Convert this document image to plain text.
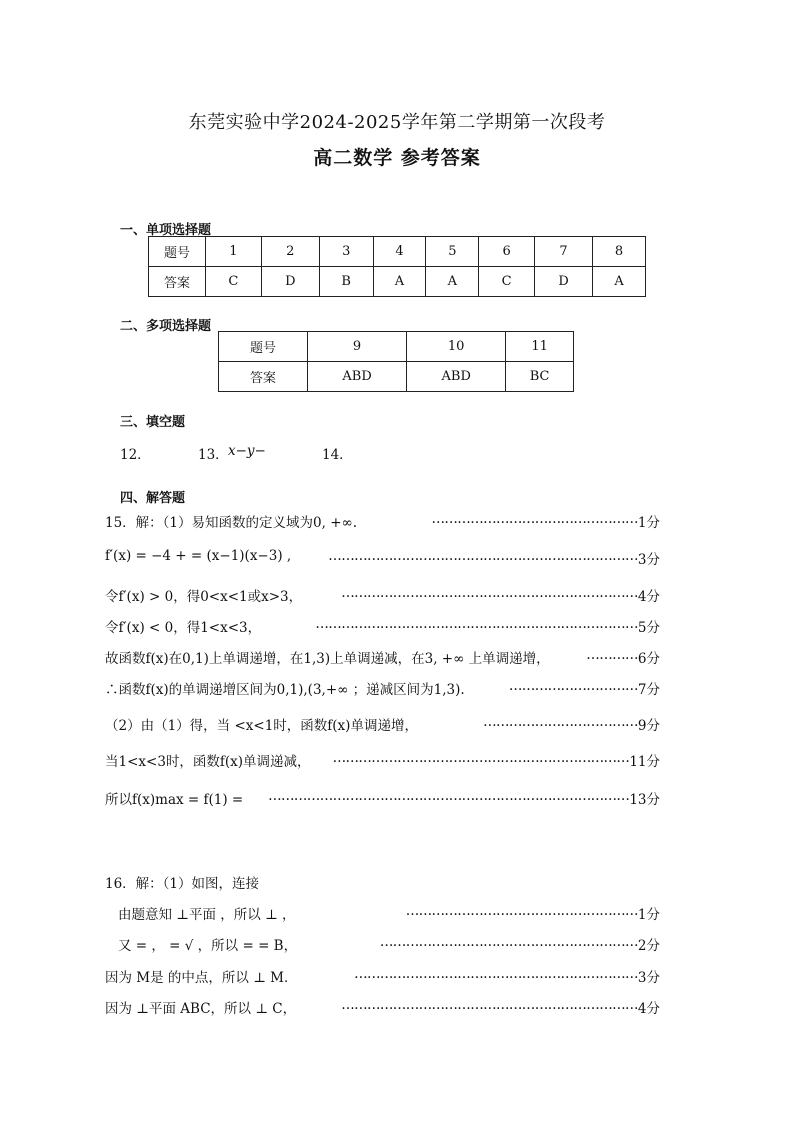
东莞实验中学2024-2025学年第二学期第一次段考
高二数学 参考答案
一、单项选择题
题号	1	2	3	4	5	6	7	8
答案	C	D	B	A	A	C	D	A
二、多项选择题
题号	9	10	11
答案	ABD	ABD	BC
三、填空题
12．	13． x−y−	14．
四、解答题
15．解：（1）易知函数的定义域为0, +∞.	………………………………………… 1分
f′(x) = −4 + = (x−1)(x−3) ,	……………………………………………………………… 3分
令f′(x) > 0，得0<x<1或x>3，	…………………………………………………………… 4分
令f′(x) < 0，得1<x<3，	………………………………………………………………… 5分
故函数f(x)在0,1)上单调递增，在1,3)上单调递减，在3, +∞ 上单调递增，	………… 6分
∴函数f(x)的单调递增区间为0,1),(3,+∞ ；递减区间为1,3).	………………………… 7分
（2）由（1）得，当 <x<1时，函数f(x)单调递增，	……………………………… 9分
当1<x<3时，函数f(x)单调递减，	…………………………………………………………… 11分
所以f(x)max = f(1) =	………………………………………………………………………… 13分
16．解：（1）如图，连接
由题意知 ⊥平面 ，所以 ⊥ ，	……………………………………………… 1分
又 = ， = √ ，所以 = = B，	…………………………………………………… 2分
因为 M是 的中点，所以 ⊥ M．	………………………………………………………… 3分
因为 ⊥平面 ABC，所以 ⊥ C，	…………………………………………………………… 4分
